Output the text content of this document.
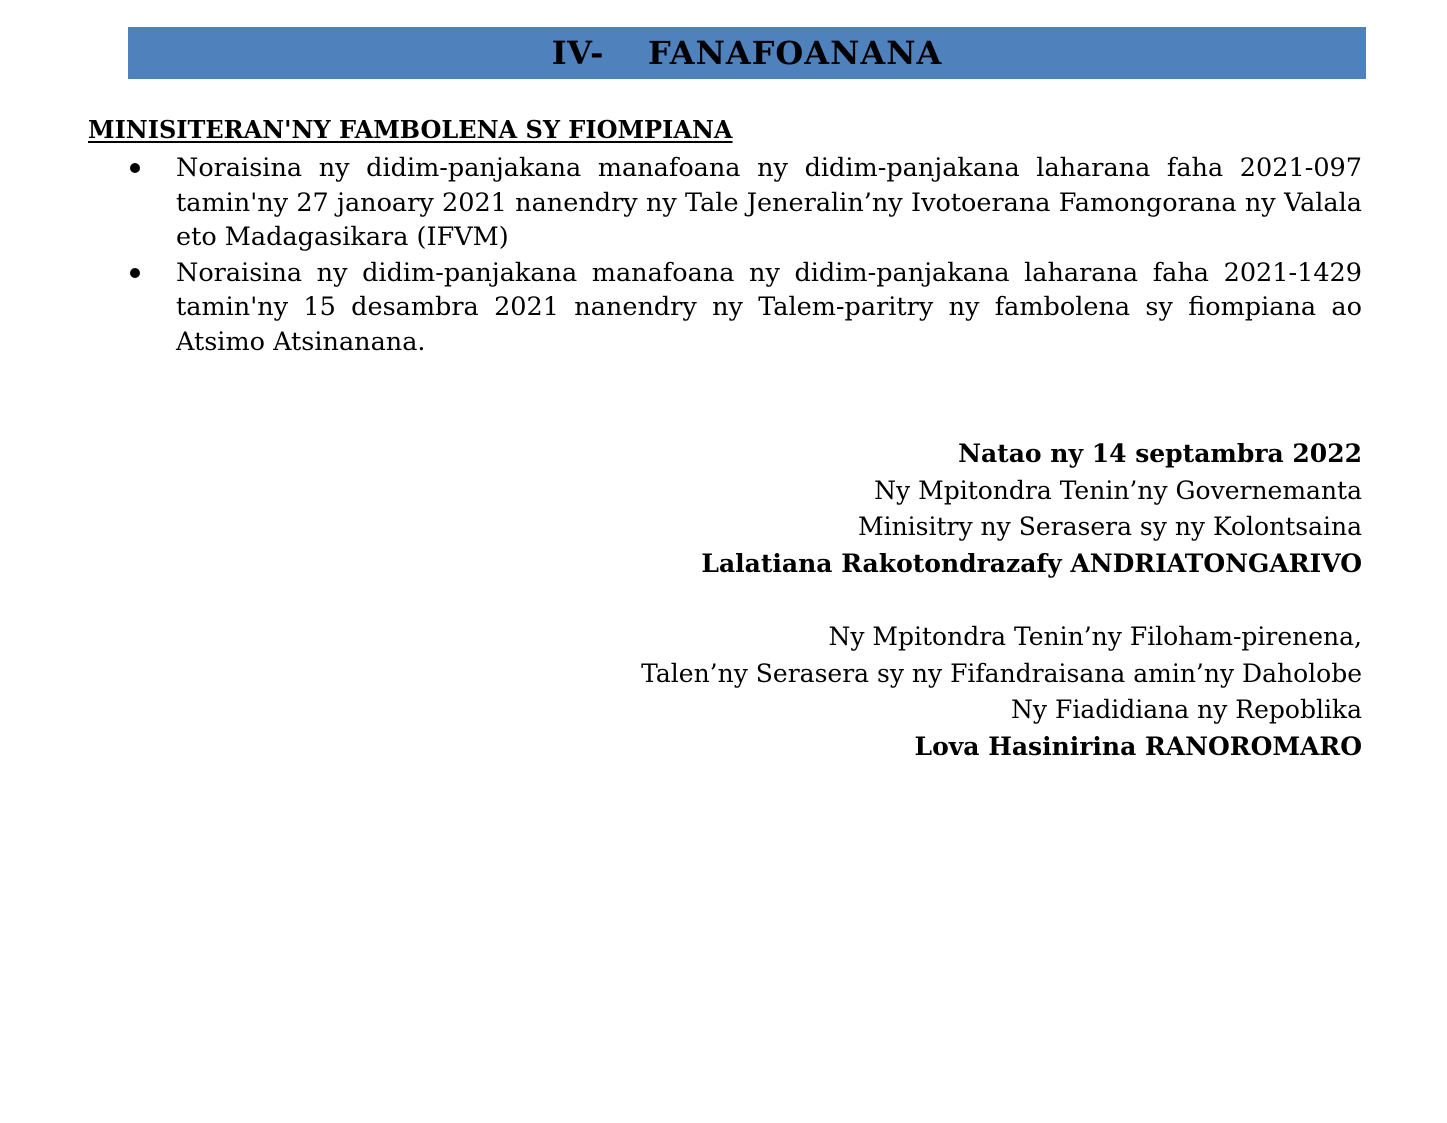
IV- FANAFOANANA
MINISITERAN'NY FAMBOLENA SY FIOMPIANA
Noraisina ny didim-panjakana manafoana ny didim-panjakana laharana faha 2021-097 tamin'ny 27 janoary 2021 nanendry ny Tale Jeneralin’ny Ivotoerana Famongorana ny Valala eto Madagasikara (IFVM)
Noraisina ny didim-panjakana manafoana ny didim-panjakana laharana faha 2021-1429 tamin'ny 15 desambra 2021 nanendry ny Talem-paritry ny fambolena sy fiompiana ao Atsimo Atsinanana.
Natao ny 14 septambra 2022
Ny Mpitondra Tenin’ny Governemanta
Minisitry ny Serasera sy ny Kolontsaina
Lalatiana Rakotondrazafy ANDRIATONGARIVO
Ny Mpitondra Tenin’ny Filoham-pirenena,
Talen’ny Serasera sy ny Fifandraisana amin’ny Daholobe
Ny Fiadidiana ny Repoblika
Lova Hasinirina RANOROMARO
